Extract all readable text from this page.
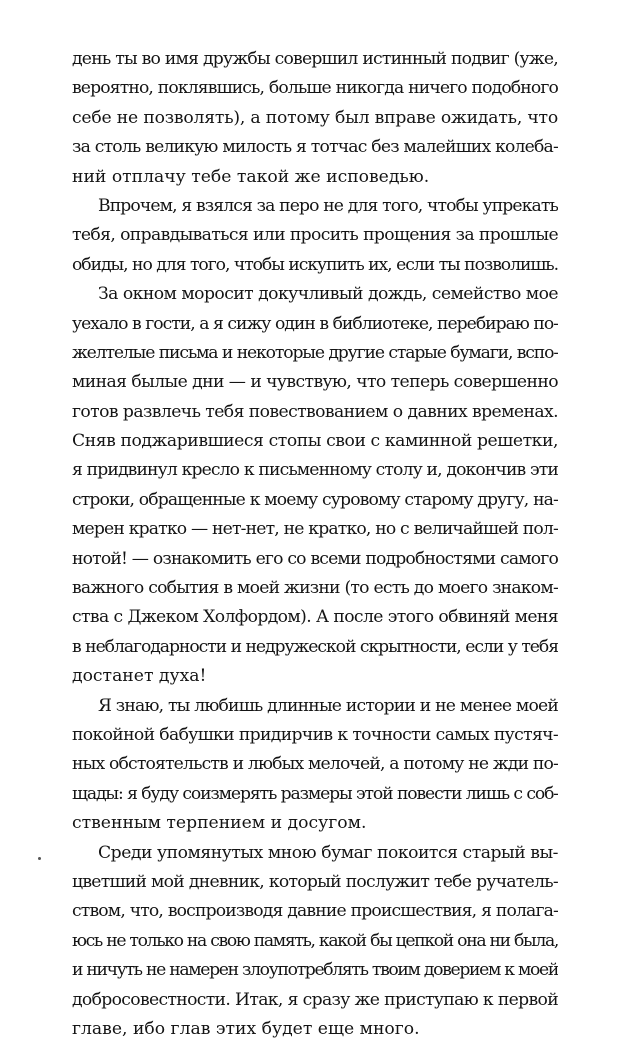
день ты во имя дружбы совершил истинный подвиг (уже,
вероятно, поклявшись, больше никогда ничего подобного
себе не позволять), а потому был вправе ожидать, что
за столь великую милость я тотчас без малейших колеба-
ний отплачу тебе такой же исповедью.
Впрочем, я взялся за перо не для того, чтобы упрекать
тебя, оправдываться или просить прощения за прошлые
обиды, но для того, чтобы искупить их, если ты позволишь.
За окном моросит докучливый дождь, семейство мое
уехало в гости, а я сижу один в библиотеке, перебираю по-
желтелые письма и некоторые другие старые бумаги, вспо-
миная былые дни — и чувствую, что теперь совершенно
готов развлечь тебя повествованием о давних временах.
Сняв поджарившиеся стопы свои с каминной решетки,
я придвинул кресло к письменному столу и, докончив эти
строки, обращенные к моему суровому старому другу, на-
мерен кратко — нет-нет, не кратко, но с величайшей пол-
нотой! — ознакомить его со всеми подробностями самого
важного события в моей жизни (то есть до моего знаком-
ства с Джеком Холфордом). А после этого обвиняй меня
в неблагодарности и недружеской скрытности, если у тебя
достанет духа!
Я знаю, ты любишь длинные истории и не менее моей
покойной бабушки придирчив к точности самых пустяч-
ных обстоятельств и любых мелочей, а потому не жди по-
щады: я буду соизмерять размеры этой повести лишь с соб-
ственным терпением и досугом.
Среди упомянутых мною бумаг покоится старый вы-
цветший мой дневник, который послужит тебе ручатель-
ством, что, воспроизводя давние происшествия, я полага-
юсь не только на свою память, какой бы цепкой она ни была,
и ничуть не намерен злоупотреблять твоим доверием к моей
добросовестности. Итак, я сразу же приступаю к первой
главе, ибо глав этих будет еще много.
